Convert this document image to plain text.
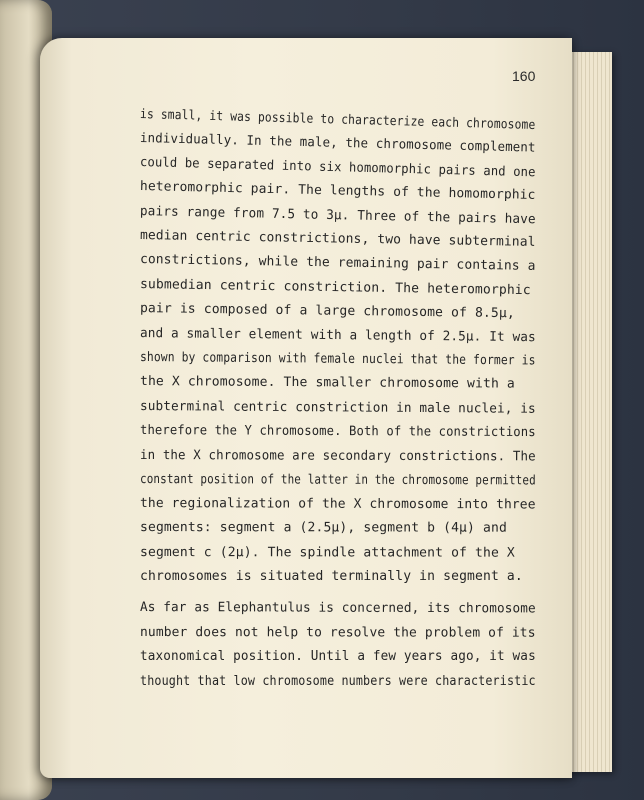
160
is small, it was possible to characterize each chromosome
individually. In the male, the chromosome complement
could be separated into six homomorphic pairs and one
heteromorphic pair. The lengths of the homomorphic
pairs range from 7.5 to 3µ. Three of the pairs have
median centric constrictions, two have subterminal
constrictions, while the remaining pair contains a
submedian centric constriction. The heteromorphic
pair is composed of a large chromosome of 8.5µ,
and a smaller element with a length of 2.5µ. It was
shown by comparison with female nuclei that the former is
the X chromosome. The smaller chromosome with a
subterminal centric constriction in male nuclei, is
therefore the Y chromosome. Both of the constrictions
in the X chromosome are secondary constrictions. The
constant position of the latter in the chromosome permitted
the regionalization of the X chromosome into three
segments: segment a (2.5µ), segment b (4µ) and
segment c (2µ). The spindle attachment of the X
chromosomes is situated terminally in segment a.
As far as Elephantulus is concerned, its chromosome
number does not help to resolve the problem of its
taxonomical position. Until a few years ago, it was
thought that low chromosome numbers were characteristic
